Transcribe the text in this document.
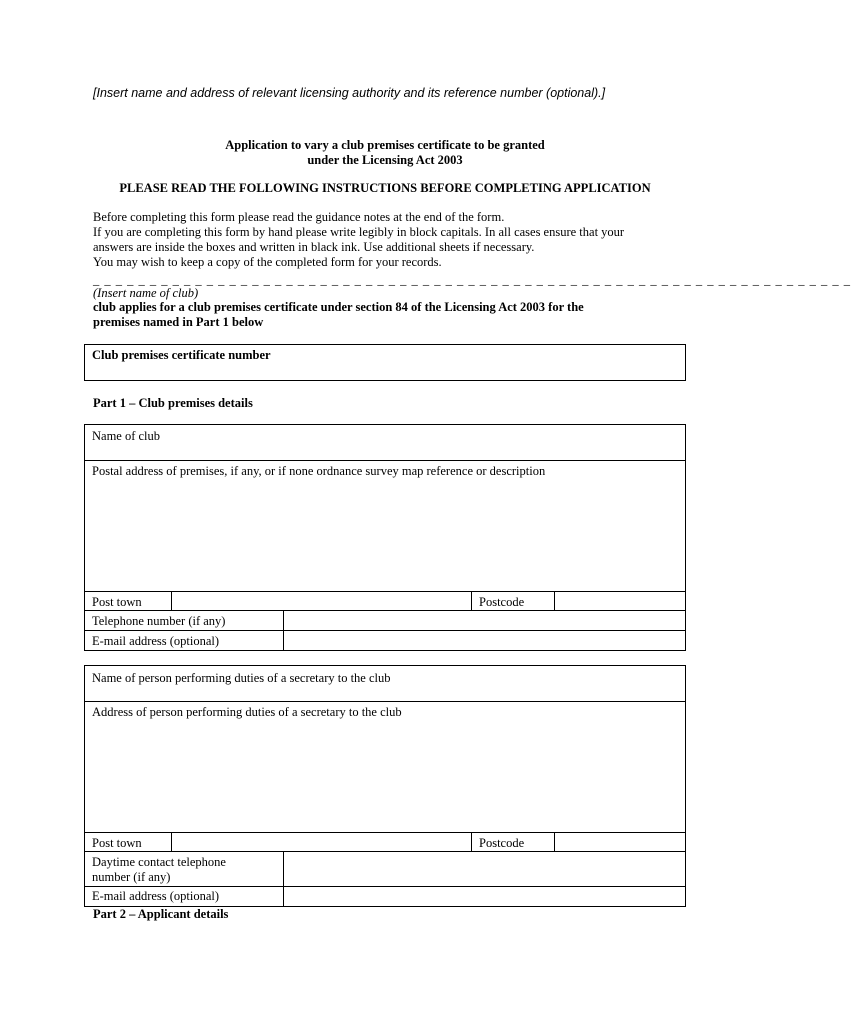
[Insert name and address of relevant licensing authority and its reference number (optional).]
Application to vary a club premises certificate to be granted
under the Licensing Act 2003
PLEASE READ THE FOLLOWING INSTRUCTIONS BEFORE COMPLETING APPLICATION
Before completing this form please read the guidance notes at the end of the form.
If you are completing this form by hand please write legibly in block capitals. In all cases ensure that your
answers are inside the boxes and written in black ink. Use additional sheets if necessary.
You may wish to keep a copy of the completed form for your records.
_ _ _ _ _ _ _ _ _ _ _ _ _ _ _ _ _ _ _ _ _ _ _ _ _ _ _ _ _ _ _ _ _ _ _ _ _ _ _ _ _ _ _ _ _ _ _ _ _ _ _ _ _ _ _ _ _ _ _ _ _ _ _ _ _ _ _
(Insert name of club)
club applies for a club premises certificate under section 84 of the Licensing Act 2003 for the
premises named in Part 1 below
Club premises certificate number
Part 1 – Club premises details
Name of club
Postal address of premises, if any, or if none ordnance survey map reference or description
Post town	Postcode
Telephone number (if any)
E-mail address (optional)
Name of person performing duties of a secretary to the club
Address of person performing duties of a secretary to the club
Post town	Postcode
Daytime contact telephone
number (if any)
E-mail address (optional)
Part 2 – Applicant details
